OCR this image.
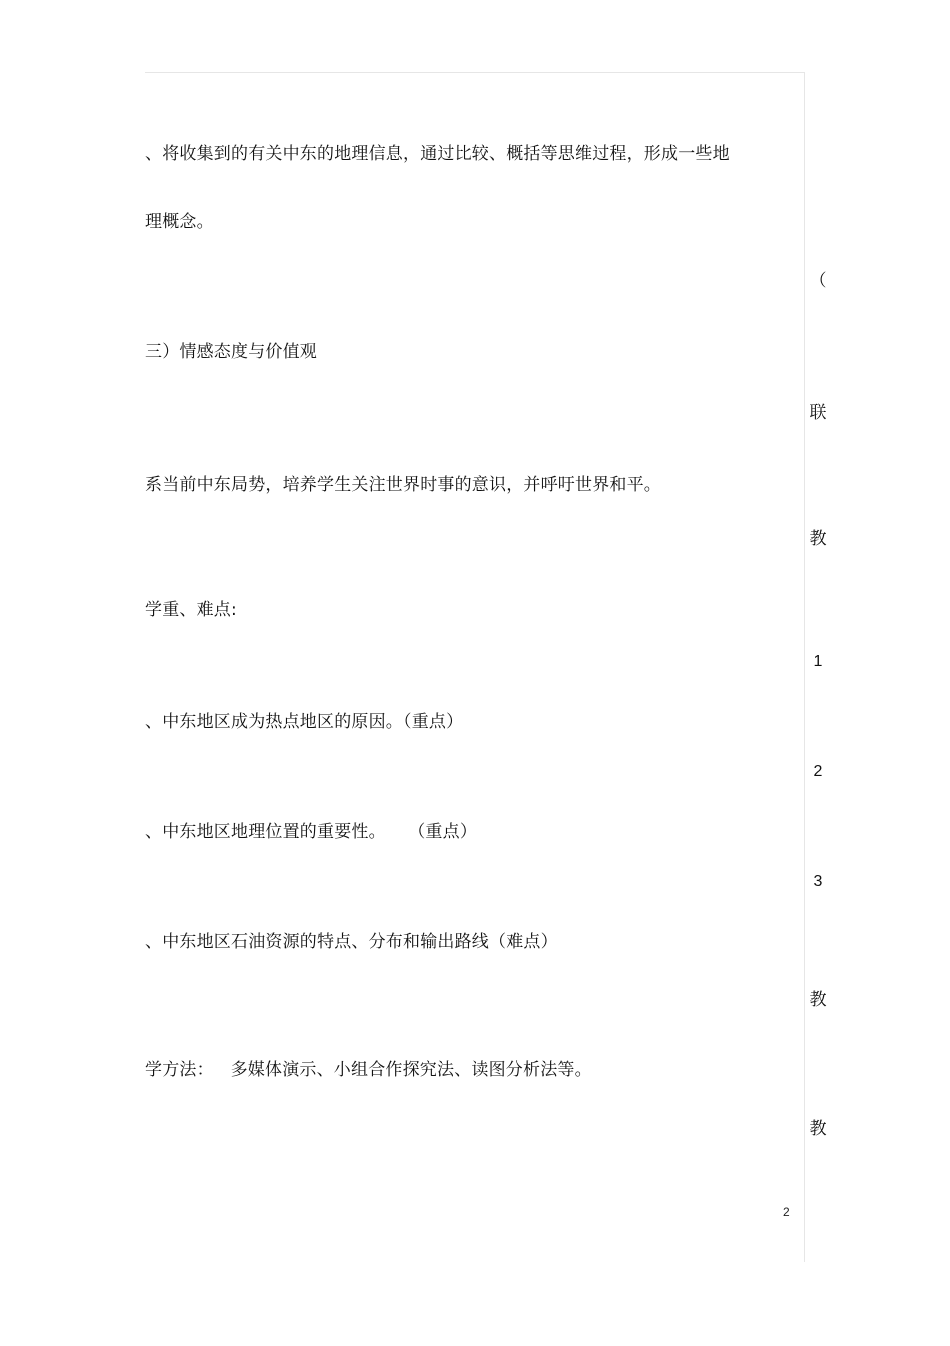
、将收集到的有关中东的地理信息，通过比较、概括等思维过程，形成一些地
理概念。
三）情感态度与价值观
系当前中东局势，培养学生关注世界时事的意识，并呼吁世界和平。
学重、难点:
、中东地区成为热点地区的原因。（重点）
、中东地区地理位置的重要性。    （重点）
、中东地区石油资源的特点、分布和输出路线（难点）
学方法：   多媒体演示、小组合作探究法、读图分析法等。
（
联
教
1
2
3
教
教
2
